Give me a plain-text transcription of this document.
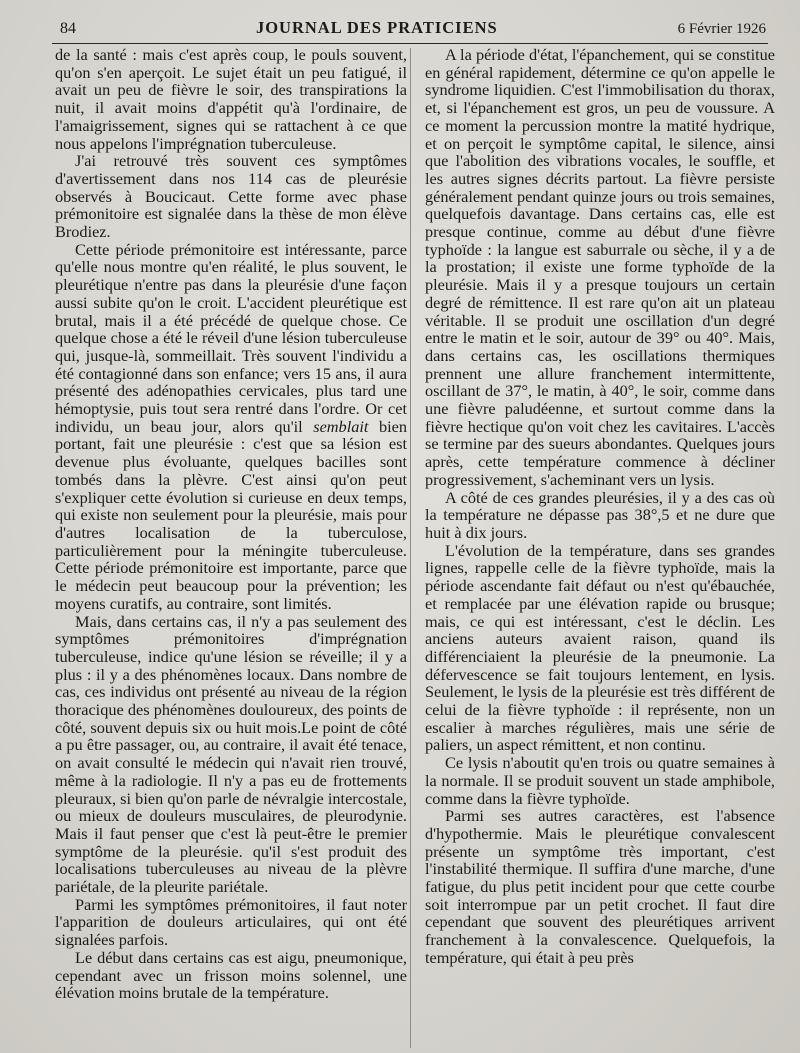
84	JOURNAL DES PRATICIENS	6 Février 1926

de la santé : mais c'est après coup, le pouls souvent, qu'on s'en aperçoit. Le sujet était un peu fatigué, il avait un peu de fièvre le soir, des transpirations la nuit, il avait moins d'appétit qu'à l'ordinaire, de l'amaigrissement, signes qui se rattachent à ce que nous appelons l'imprégnation tuberculeuse.

J'ai retrouvé très souvent ces symptômes d'avertissement dans nos 114 cas de pleurésie observés à Boucicaut. Cette forme avec phase prémonitoire est signalée dans la thèse de mon élève Brodiez.

Cette période prémonitoire est intéressante, parce qu'elle nous montre qu'en réalité, le plus souvent, le pleurétique n'entre pas dans la pleurésie d'une façon aussi subite qu'on le croit. L'accident pleurétique est brutal, mais il a été précédé de quelque chose. Ce quelque chose a été le réveil d'une lésion tuberculeuse qui, jusque-là, sommeillait. Très souvent l'individu a été contagionné dans son enfance; vers 15 ans, il aura présenté des adénopathies cervicales, plus tard une hémoptysie, puis tout sera rentré dans l'ordre. Or cet individu, un beau jour, alors qu'il semblait bien portant, fait une pleurésie : c'est que sa lésion est devenue plus évoluante, quelques bacilles sont tombés dans la plèvre. C'est ainsi qu'on peut s'expliquer cette évolution si curieuse en deux temps, qui existe non seulement pour la pleurésie, mais pour d'autres localisation de la tuberculose, particulièrement pour la méningite tuberculeuse. Cette période prémonitoire est importante, parce que le médecin peut beaucoup pour la prévention; les moyens curatifs, au contraire, sont limités.

Mais, dans certains cas, il n'y a pas seulement des symptômes prémonitoires d'imprégnation tuberculeuse, indice qu'une lésion se réveille; il y a plus : il y a des phénomènes locaux. Dans nombre de cas, ces individus ont présenté au niveau de la région thoracique des phénomènes douloureux, des points de côté, souvent depuis six ou huit mois.Le point de côté a pu être passager, ou, au contraire, il avait été tenace, on avait consulté le médecin qui n'avait rien trouvé, même à la radiologie. Il n'y a pas eu de frottements pleuraux, si bien qu'on parle de névralgie intercostale, ou mieux de douleurs musculaires, de pleurodynie. Mais il faut penser que c'est là peut-être le premier symptôme de la pleurésie. qu'il s'est produit des localisations tuberculeuses au niveau de la plèvre pariétale, de la pleurite pariétale.

Parmi les symptômes prémonitoires, il faut noter l'apparition de douleurs articulaires, qui ont été signalées parfois.

Le début dans certains cas est aigu, pneumonique, cependant avec un frisson moins solennel, une élévation moins brutale de la température.

A la période d'état, l'épanchement, qui se constitue en général rapidement, détermine ce qu'on appelle le syndrome liquidien. C'est l'immobilisation du thorax, et, si l'épanchement est gros, un peu de voussure. A ce moment la percussion montre la matité hydrique, et on perçoit le symptôme capital, le silence, ainsi que l'abolition des vibrations vocales, le souffle, et les autres signes décrits partout. La fièvre persiste généralement pendant quinze jours ou trois semaines, quelquefois davantage. Dans certains cas, elle est presque continue, comme au début d'une fièvre typhoïde : la langue est saburrale ou sèche, il y a de la prostation; il existe une forme typhoïde de la pleurésie. Mais il y a presque toujours un certain degré de rémittence. Il est rare qu'on ait un plateau véritable. Il se produit une oscillation d'un degré entre le matin et le soir, autour de 39° ou 40°. Mais, dans certains cas, les oscillations thermiques prennent une allure franchement intermittente, oscillant de 37°, le matin, à 40°, le soir, comme dans une fièvre paludéenne, et surtout comme dans la fièvre hectique qu'on voit chez les cavitaires. L'accès se termine par des sueurs abondantes. Quelques jours après, cette température commence à décliner progressivement, s'acheminant vers un lysis.

A côté de ces grandes pleurésies, il y a des cas où la température ne dépasse pas 38°,5 et ne dure que huit à dix jours.

L'évolution de la température, dans ses grandes lignes, rappelle celle de la fièvre typhoïde, mais la période ascendante fait défaut ou n'est qu'ébauchée, et remplacée par une élévation rapide ou brusque; mais, ce qui est intéressant, c'est le déclin. Les anciens auteurs avaient raison, quand ils différenciaient la pleurésie de la pneumonie. La défervescence se fait toujours lentement, en lysis. Seulement, le lysis de la pleurésie est très différent de celui de la fièvre typhoïde : il représente, non un escalier à marches régulières, mais une série de paliers, un aspect rémittent, et non continu.

Ce lysis n'aboutit qu'en trois ou quatre semaines à la normale. Il se produit souvent un stade amphibole, comme dans la fièvre typhoïde.

Parmi ses autres caractères, est l'absence d'hypothermie. Mais le pleurétique convalescent présente un symptôme très important, c'est l'instabilité thermique. Il suffira d'une marche, d'une fatigue, du plus petit incident pour que cette courbe soit interrompue par un petit crochet. Il faut dire cependant que souvent des pleurétiques arrivent franchement à la convalescence. Quelquefois, la température, qui était à peu près
